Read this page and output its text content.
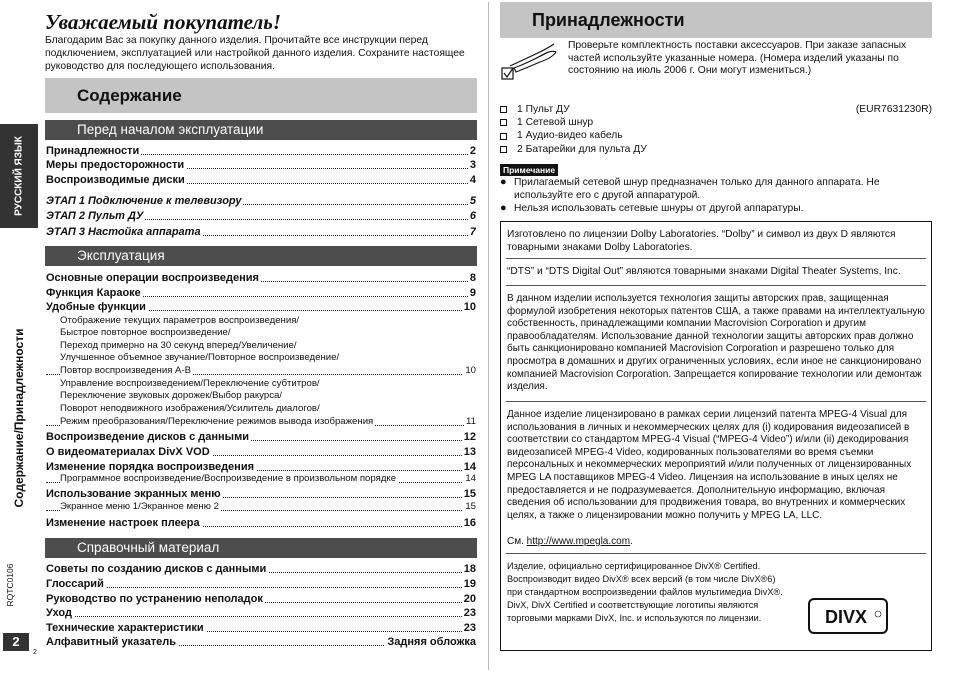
Уважаемый покупатель!
Благодарим Вас за покупку данного изделия. Прочитайте все инструкции перед подключением, эксплуатацией или настройкой данного изделия. Сохраните настоящее руководство для последующего использования.
Содержание
Перед началом эксплуатации
Эксплуатация
Справочный материал
Принадлежности	2
Меры предосторожности	3
Воспроизводимые диски	4
ЭТАП 1 Подключение к телевизору	5
ЭТАП 2 Пульт ДУ	6
ЭТАП 3 Настойка аппарата	7
Основные операции воспроизведения	8
Функция Караоке	9
Удобные функции	10
Отображение текущих параметров воспроизведения/
Быстрое повторное воспроизведение/
Переход примерно на 30 секунд вперед/Увеличение/
Улучшенное объемное звучание/Повторное воспроизведение/
Повтор воспроизведения A-B	10
Управление воспроизведением/Переключение субтитров/
Переключение звуковых дорожек/Выбор ракурса/
Поворот неподвижного изображения/Усилитель диалогов/
Режим преобразования/Переключение режимов вывода изображения	11
Воспроизведение дисков с данными	12
О видеоматериалах DivX VOD	13
Изменение порядка воспроизведения	14
Программное воспроизведение/Воспроизведение в произвольном порядке	14
Использование экранных меню	15
Экранное меню 1/Экранное меню 2	15
Изменение настроек плеера	16
Советы по созданию дисков с данными	18
Глоссарий	19
Руководство по устранению неполадок	20
Уход	23
Технические характеристики	23
Алфавитный указатель	Задняя обложка
РУССКИЙ ЯЗЫК
Содержание/Принадлежности
RQTC0106
2
2
Принадлежности
Проверьте комплектность поставки аксессуаров. При заказе запасных частей используйте указанные номера. (Номера изделий указаны по состоянию на июль 2006 г. Они могут измениться.)
1 Пульт ДУ	(EUR7631230R)
1 Сетевой шнур
1 Аудио-видео кабель
2 Батарейки для пульта ДУ
Примечание
● Прилагаемый сетевой шнур предназначен только для данного аппарата. Не используйте его с другой аппаратурой.
● Нельзя использовать сетевые шнуры от другой аппаратуры.
Изготовлено по лицензии Dolby Laboratories. “Dolby” и символ из двух D являются товарными знаками Dolby Laboratories.
“DTS” и “DTS Digital Out” являются товарными знаками Digital Theater Systems, Inc.
В данном изделии используется технология защиты авторских прав, защищенная формулой изобретения некоторых патентов США, а также правами на интеллектуальную собственность, принадлежащими компании Macrovision Corporation и другим правообладателям. Использование данной технологии защиты авторских прав должно быть санкционировано компанией Macrovision Corporation и разрешено только для просмотра в домашних и других ограниченных условиях, если иное не санкционировано компанией Macrovision Corporation. Запрещается копирование технологии или демонтаж изделия.
Данное изделие лицензировано в рамках серии лицензий патента MPEG-4 Visual для использования в личных и некоммерческих целях для (i) кодирования видеозаписей в соответствии со стандартом MPEG-4 Visual (“MPEG-4 Video”) и/или (ii) декодирования видеозаписей MPEG-4 Video, кодированных пользователями во время съемки персональных и некоммерческих мероприятий и/или полученных от лицензированных MPEG LA поставщиков MPEG-4 Video. Лицензия на использование в иных целях не предоставляется и не подразумевается. Дополнительную информацию, включая сведения об использовании для продвижения товара, во внутренних и коммерческих целях, а также о лицензировании можно получить у MPEG LA, LLC.
См. http://www.mpegla.com.
Изделие, официально сертифицированное DivX® Certified. Воспроизводит видео DivX® всех версий (в том числе DivX®6) при стандартном воспроизведении файлов мультимедиа DivX®. DivX, DivX Certified и соответствующие логотипы являются торговыми марками DivX, Inc. и используются по лицензии.	DIVX
